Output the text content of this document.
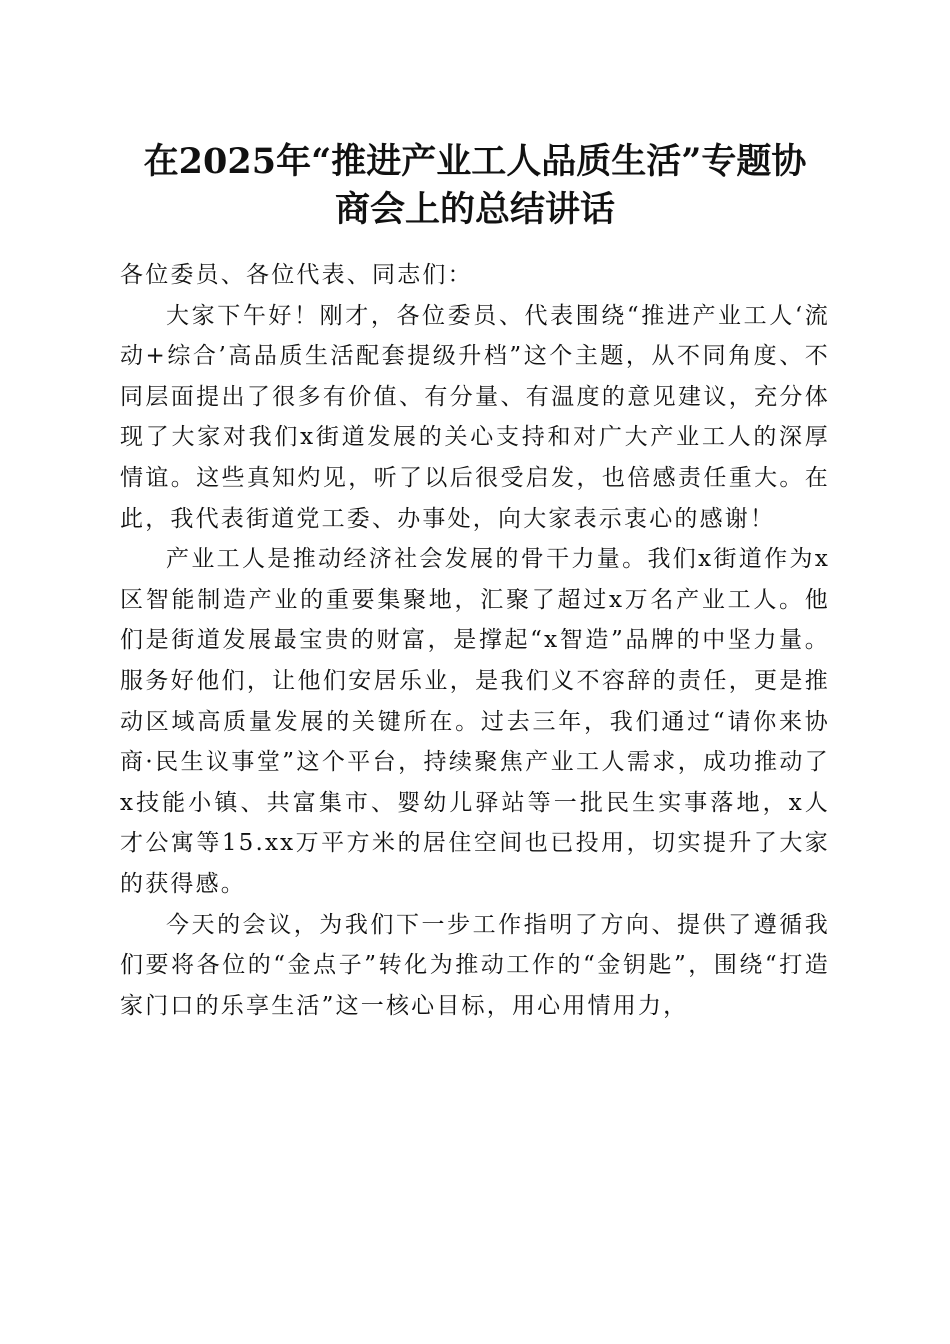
在2025年“推进产业工人品质生活”专题协
商会上的总结讲话

各位委员、各位代表、同志们：

大家下午好！刚才，各位委员、代表围绕“推进产业工人‘流动+综合’高品质生活配套提级升档”这个主题，从不同角度、不同层面提出了很多有价值、有分量、有温度的意见建议，充分体现了大家对我们x街道发展的关心支持和对广大产业工人的深厚情谊。这些真知灼见，听了以后很受启发，也倍感责任重大。在此，我代表街道党工委、办事处，向大家表示衷心的感谢！

产业工人是推动经济社会发展的骨干力量。我们x街道作为x区智能制造产业的重要集聚地，汇聚了超过x万名产业工人。他们是街道发展最宝贵的财富，是撑起“x智造”品牌的中坚力量。服务好他们，让他们安居乐业，是我们义不容辞的责任，更是推动区域高质量发展的关键所在。过去三年，我们通过“请你来协商·民生议事堂”这个平台，持续聚焦产业工人需求，成功推动了x技能小镇、共富集市、婴幼儿驿站等一批民生实事落地，x人才公寓等15.xx万平方米的居住空间也已投用，切实提升了大家的获得感。

今天的会议，为我们下一步工作指明了方向、提供了遵循我们要将各位的“金点子”转化为推动工作的“金钥匙”，围绕“打造家门口的乐享生活”这一核心目标，用心用情用力，
